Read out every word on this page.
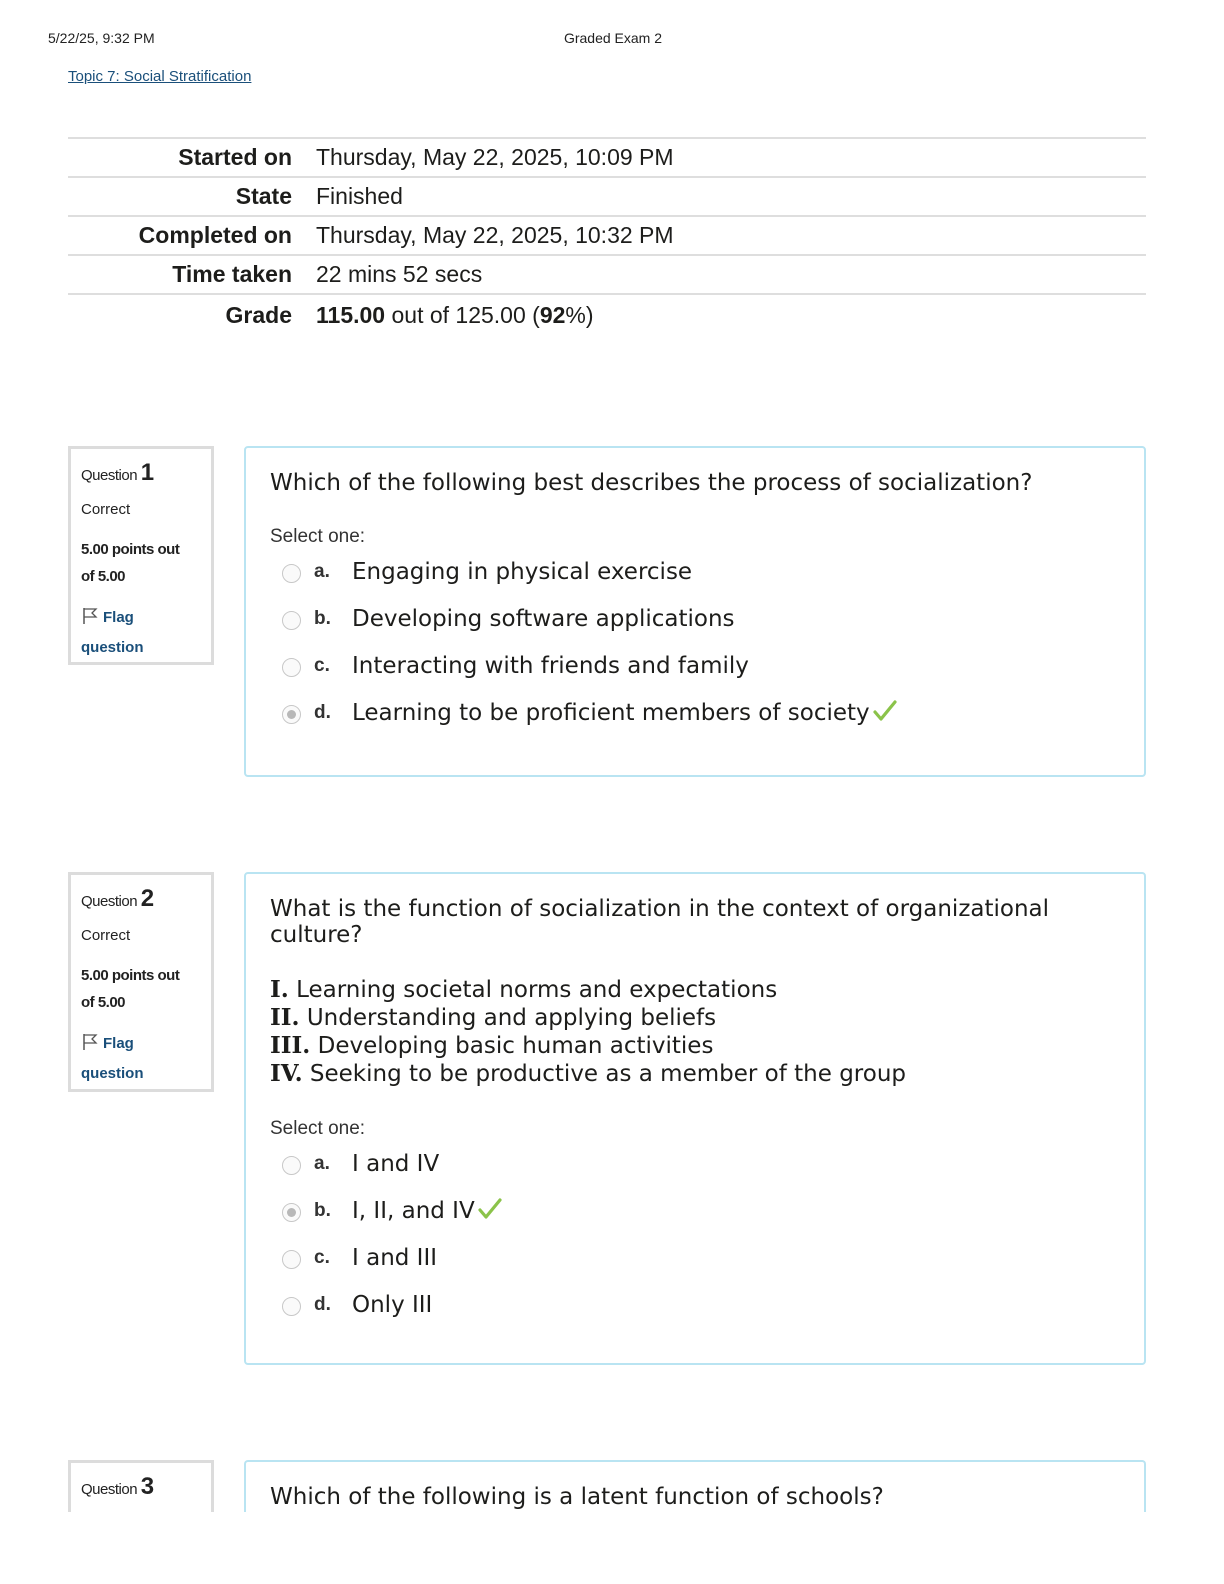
5/22/25, 9:32 PM	Graded Exam 2
Topic 7: Social Stratification
Started on	Thursday, May 22, 2025, 10:09 PM
State	Finished
Completed on	Thursday, May 22, 2025, 10:32 PM
Time taken	22 mins 52 secs
Grade	115.00 out of 125.00 (92%)
Question 1
Correct
5.00 points out
of 5.00
Flag
question
Which of the following best describes the process of socialization?
Select one:
a. Engaging in physical exercise
b. Developing software applications
c. Interacting with friends and family
d. Learning to be proficient members of society
Question 2
Correct
5.00 points out
of 5.00
Flag
question
What is the function of socialization in the context of organizational culture?
I. Learning societal norms and expectations
II. Understanding and applying beliefs
III. Developing basic human activities
IV. Seeking to be productive as a member of the group
Select one:
a. I and IV
b. I, II, and IV
c. I and III
d. Only III
Question 3	Which of the following is a latent function of schools?
